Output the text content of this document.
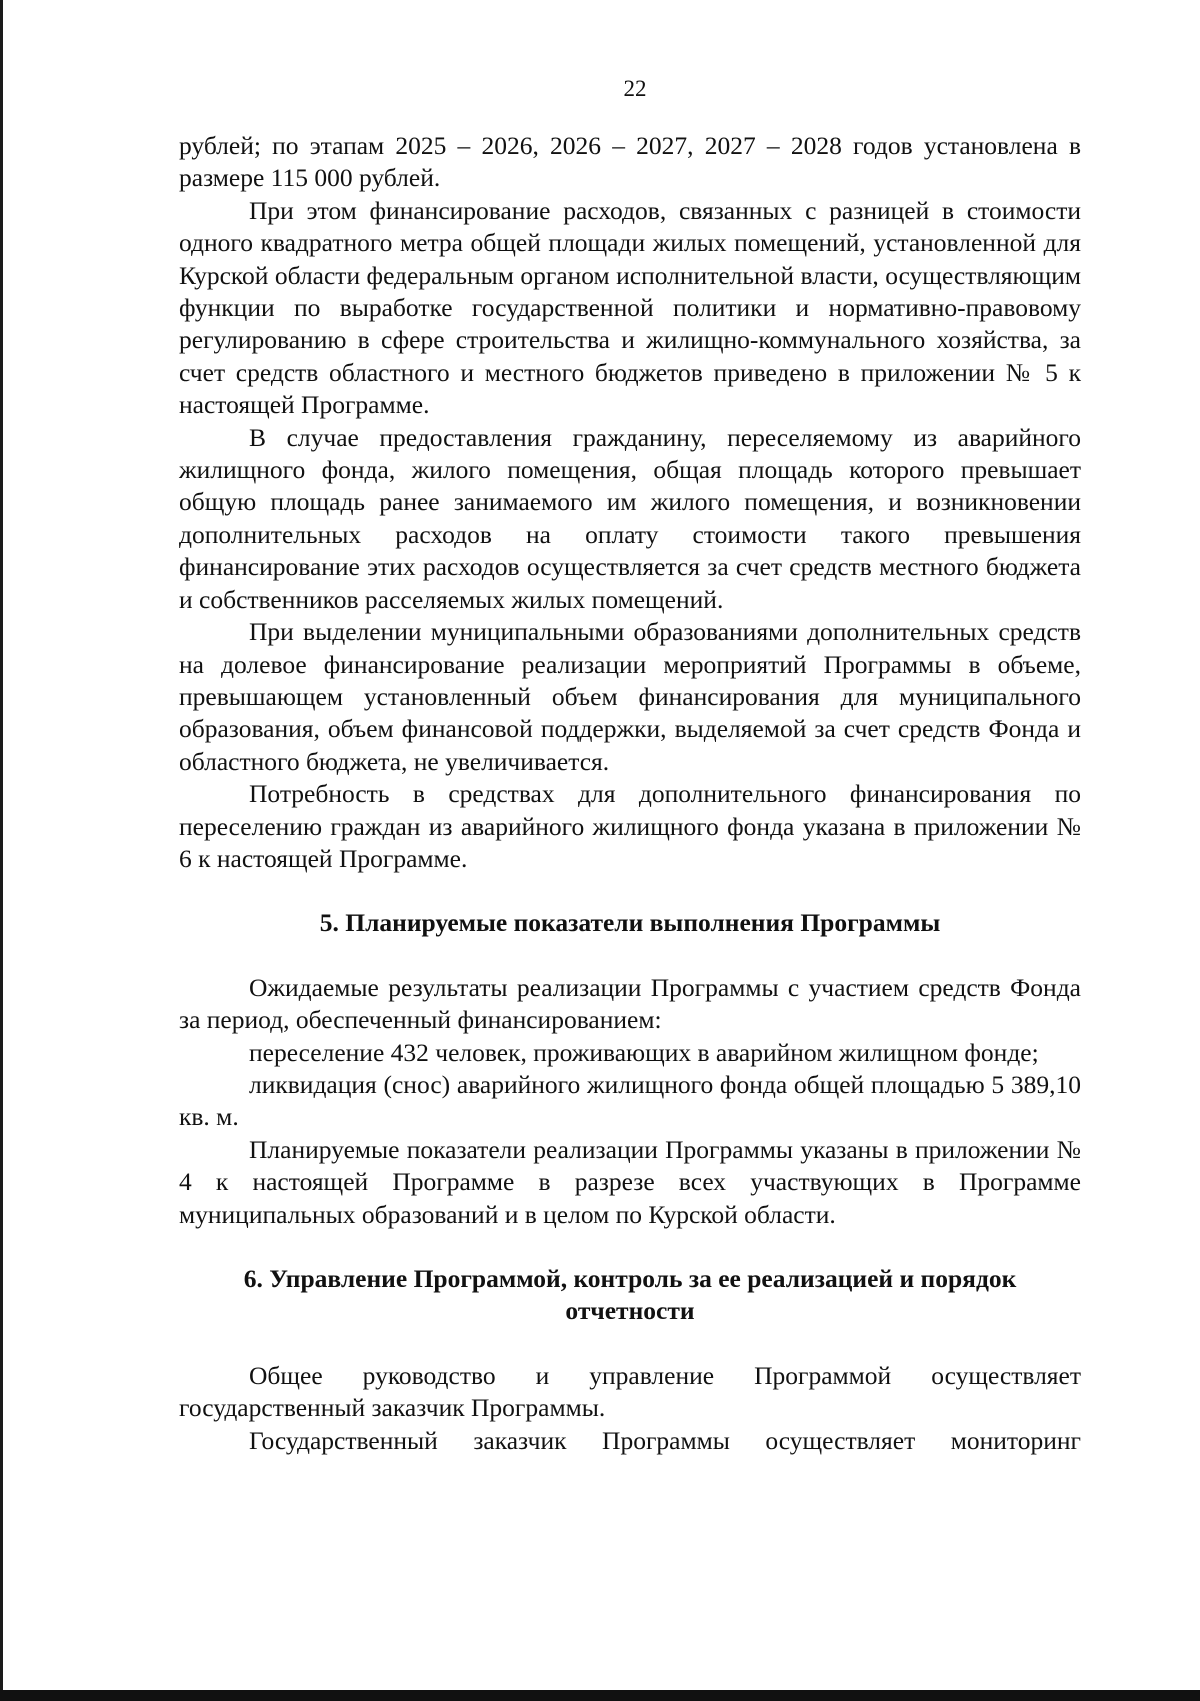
22

рублей; по этапам 2025 – 2026, 2026 – 2027, 2027 – 2028 годов установлена в размере 115 000 рублей.

При этом финансирование расходов, связанных с разницей в стоимости одного квадратного метра общей площади жилых помещений, установленной для Курской области федеральным органом исполнительной власти, осуществляющим функции по выработке государственной политики и нормативно-правовому регулированию в сфере строительства и жилищно-коммунального хозяйства, за счет средств областного и местного бюджетов приведено в приложении № 5 к настоящей Программе.

В случае предоставления гражданину, переселяемому из аварийного жилищного фонда, жилого помещения, общая площадь которого превышает общую площадь ранее занимаемого им жилого помещения, и возникновении дополнительных расходов на оплату стоимости такого превышения финансирование этих расходов осуществляется за счет средств местного бюджета и собственников расселяемых жилых помещений.

При выделении муниципальными образованиями дополнительных средств на долевое финансирование реализации мероприятий Программы в объеме, превышающем установленный объем финансирования для муниципального образования, объем финансовой поддержки, выделяемой за счет средств Фонда и областного бюджета, не увеличивается.

Потребность в средствах для дополнительного финансирования по переселению граждан из аварийного жилищного фонда указана в приложении № 6 к настоящей Программе.

5. Планируемые показатели выполнения Программы

Ожидаемые результаты реализации Программы с участием средств Фонда за период, обеспеченный финансированием:

переселение 432 человек, проживающих в аварийном жилищном фонде;

ликвидация (снос) аварийного жилищного фонда общей площадью 5 389,10 кв. м.

Планируемые показатели реализации Программы указаны в приложении № 4 к настоящей Программе в разрезе всех участвующих в Программе муниципальных образований и в целом по Курской области.

6. Управление Программой, контроль за ее реализацией и порядок
отчетности

Общее руководство и управление Программой осуществляет государственный заказчик Программы.

Государственный заказчик Программы осуществляет мониторинг
